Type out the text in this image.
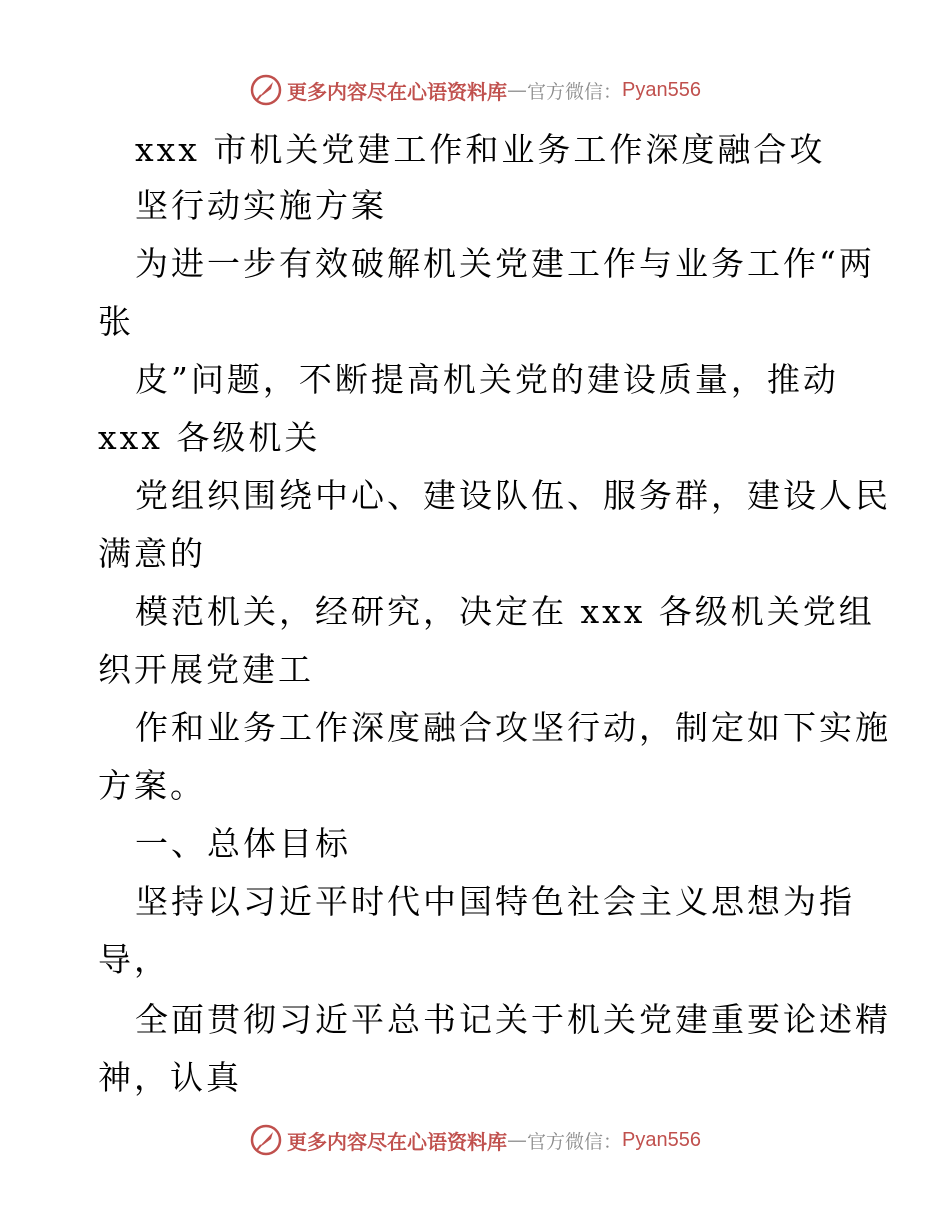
更多内容尽在心语资料库 — 官方微信： Pyan556
xxx 市机关党建工作和业务工作深度融合攻
坚行动实施方案
为进一步有效破解机关党建工作与业务工作“两
张
皮”问题，不断提高机关党的建设质量，推动
xxx 各级机关
党组织围绕中心、建设队伍、服务群，建设人民
满意的
模范机关，经研究，决定在 xxx 各级机关党组
织开展党建工
作和业务工作深度融合攻坚行动，制定如下实施
方案。
一、总体目标
坚持以习近平时代中国特色社会主义思想为指
导，
全面贯彻习近平总书记关于机关党建重要论述精
神，认真
更多内容尽在心语资料库 — 官方微信： Pyan556
